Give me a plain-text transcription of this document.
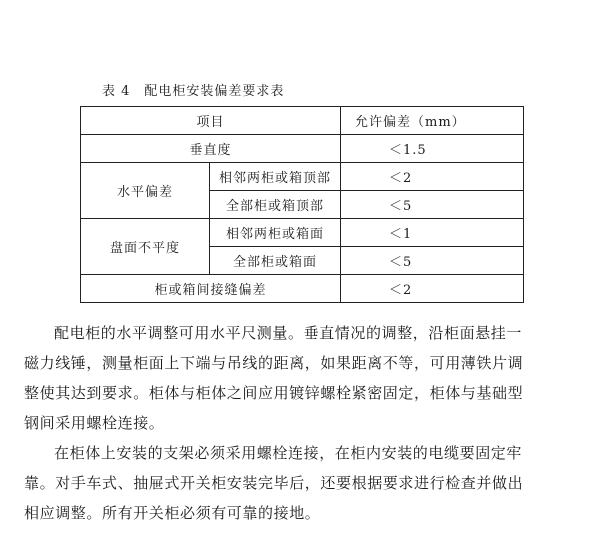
表 4 配电柜安装偏差要求表
项目		允许偏差（mm）
垂直度		＜1.5
水平偏差	相邻两柜或箱顶部	＜2
	全部柜或箱顶部	＜5
盘面不平度	相邻两柜或箱面	＜1
	全部柜或箱面	＜5
柜或箱间接缝偏差		＜2
配电柜的水平调整可用水平尺测量。垂直情况的调整，沿柜面悬挂一
磁力线锤，测量柜面上下端与吊线的距离，如果距离不等，可用薄铁片调
整使其达到要求。柜体与柜体之间应用镀锌螺栓紧密固定，柜体与基础型
钢间采用螺栓连接。
在柜体上安装的支架必须采用螺栓连接，在柜内安装的电缆要固定牢
靠。对手车式、抽屉式开关柜安装完毕后，还要根据要求进行检查并做出
相应调整。所有开关柜必须有可靠的接地。
